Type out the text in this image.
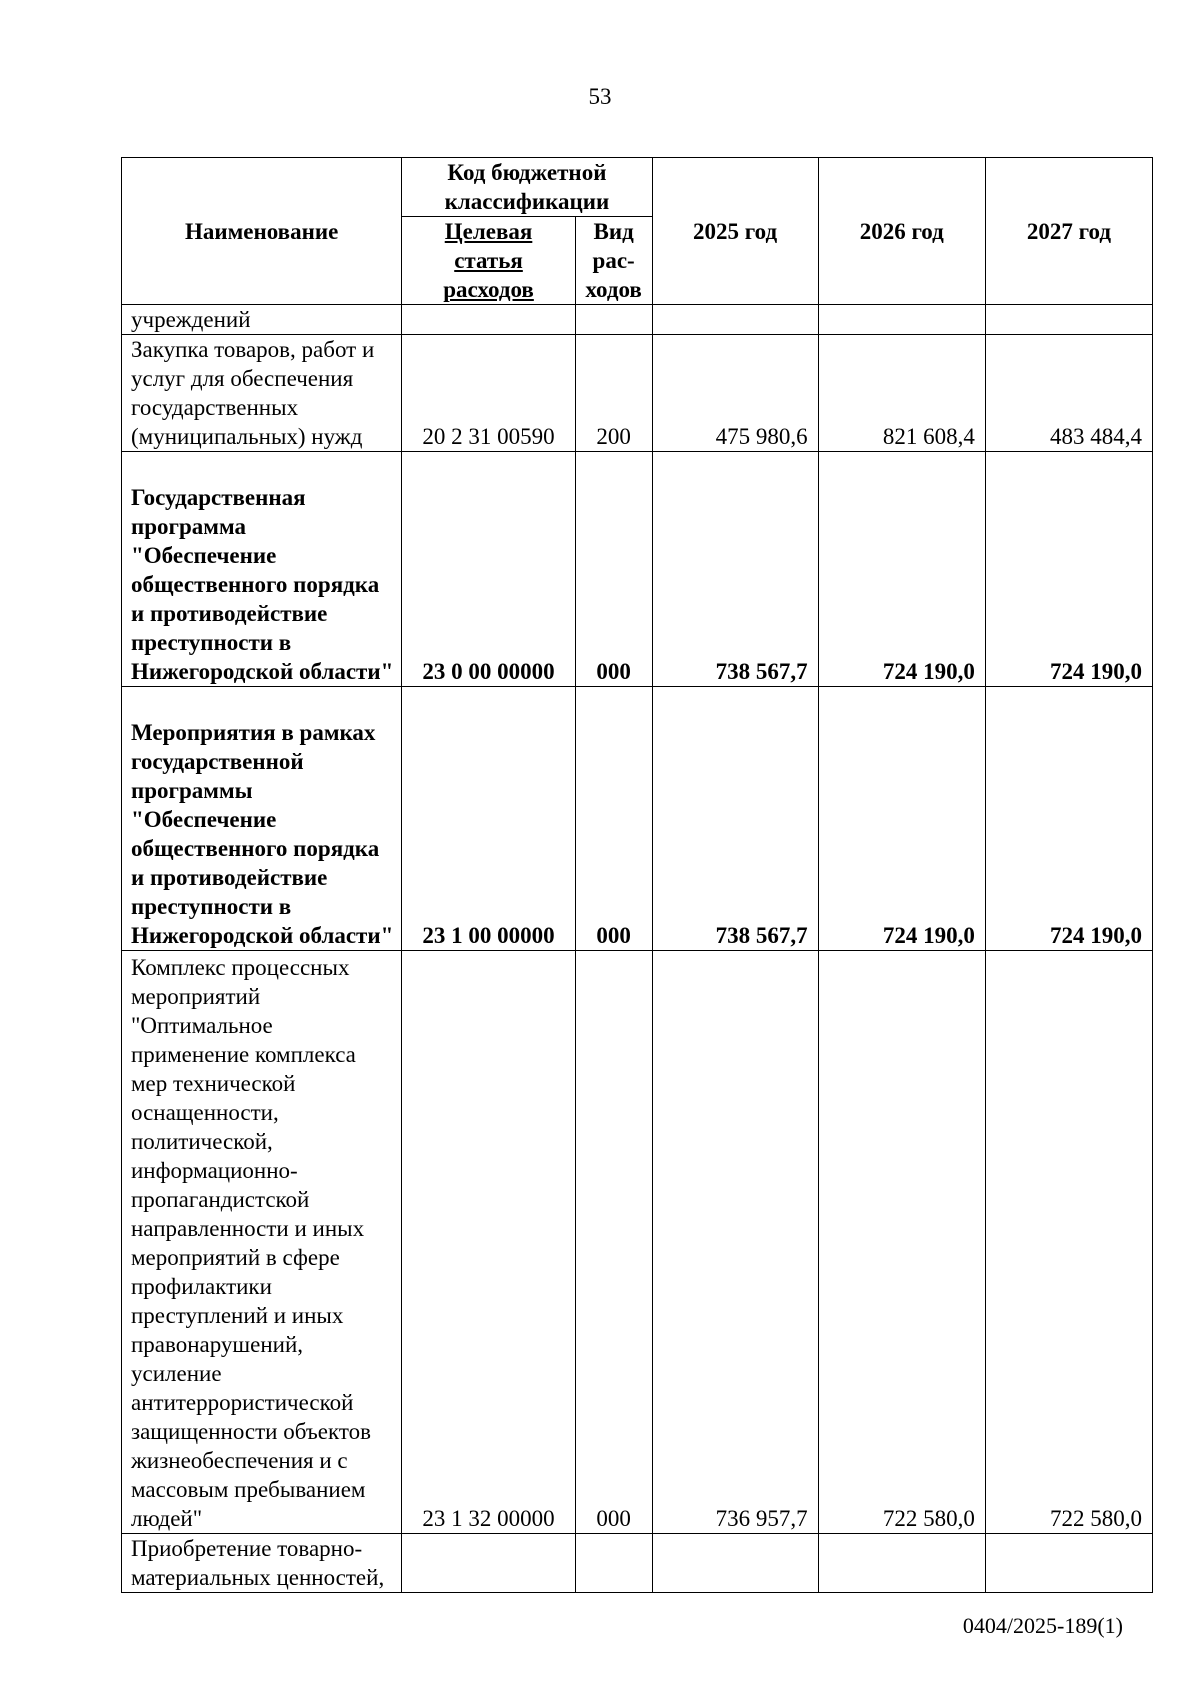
53
Наименование	Код бюджетной классификации		2025 год	2026 год	2027 год
	Целевая статья расходов	Вид рас-ходов			
учреждений					
Закупка товаров, работ и услуг для обеспечения государственных (муниципальных) нужд	20 2 31 00590	200	475 980,6	821 608,4	483 484,4
Государственная программа "Обеспечение общественного порядка и противодействие преступности в Нижегородской области"	23 0 00 00000	000	738 567,7	724 190,0	724 190,0
Мероприятия в рамках государственной программы "Обеспечение общественного порядка и противодействие преступности в Нижегородской области"	23 1 00 00000	000	738 567,7	724 190,0	724 190,0
Комплекс процессных мероприятий "Оптимальное применение комплекса мер технической оснащенности, политической, информационно-пропагандистской направленности и иных мероприятий в сфере профилактики преступлений и иных правонарушений, усиление антитеррористической защищенности объектов жизнеобеспечения и с массовым пребыванием людей"	23 1 32 00000	000	736 957,7	722 580,0	722 580,0
Приобретение товарно-материальных ценностей,					
0404/2025-189(1)
